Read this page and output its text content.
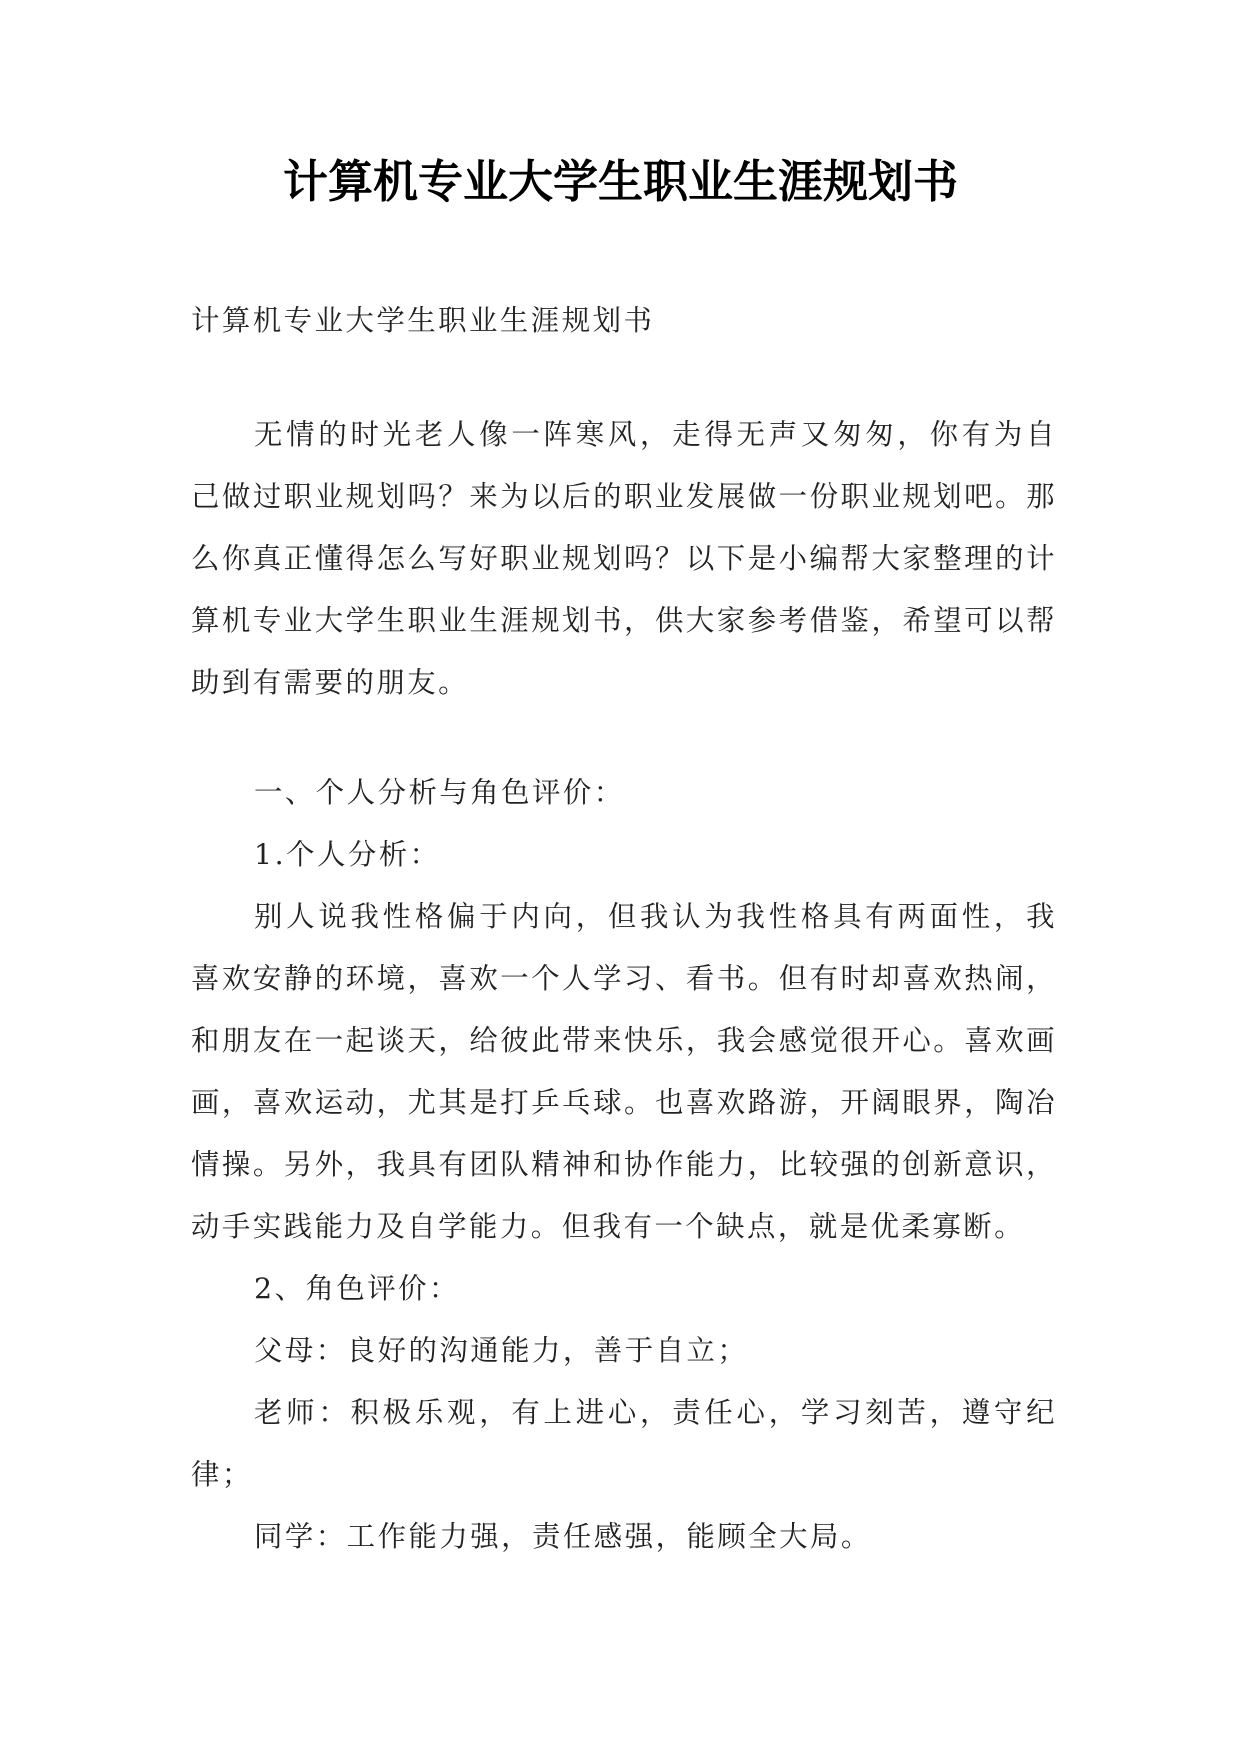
计算机专业大学生职业生涯规划书

计算机专业大学生职业生涯规划书

无情的时光老人像一阵寒风，走得无声又匆匆，你有为自己做过职业规划吗？来为以后的职业发展做一份职业规划吧。那么你真正懂得怎么写好职业规划吗？以下是小编帮大家整理的计算机专业大学生职业生涯规划书，供大家参考借鉴，希望可以帮助到有需要的朋友。

一、个人分析与角色评价：

1.个人分析：

别人说我性格偏于内向，但我认为我性格具有两面性，我喜欢安静的环境，喜欢一个人学习、看书。但有时却喜欢热闹，和朋友在一起谈天，给彼此带来快乐，我会感觉很开心。喜欢画画，喜欢运动，尤其是打乒乓球。也喜欢路游，开阔眼界，陶冶情操。另外，我具有团队精神和协作能力，比较强的创新意识，动手实践能力及自学能力。但我有一个缺点，就是优柔寡断。

2、角色评价：

父母：良好的沟通能力，善于自立；

老师：积极乐观，有上进心，责任心，学习刻苦，遵守纪律；

同学：工作能力强，责任感强，能顾全大局。
